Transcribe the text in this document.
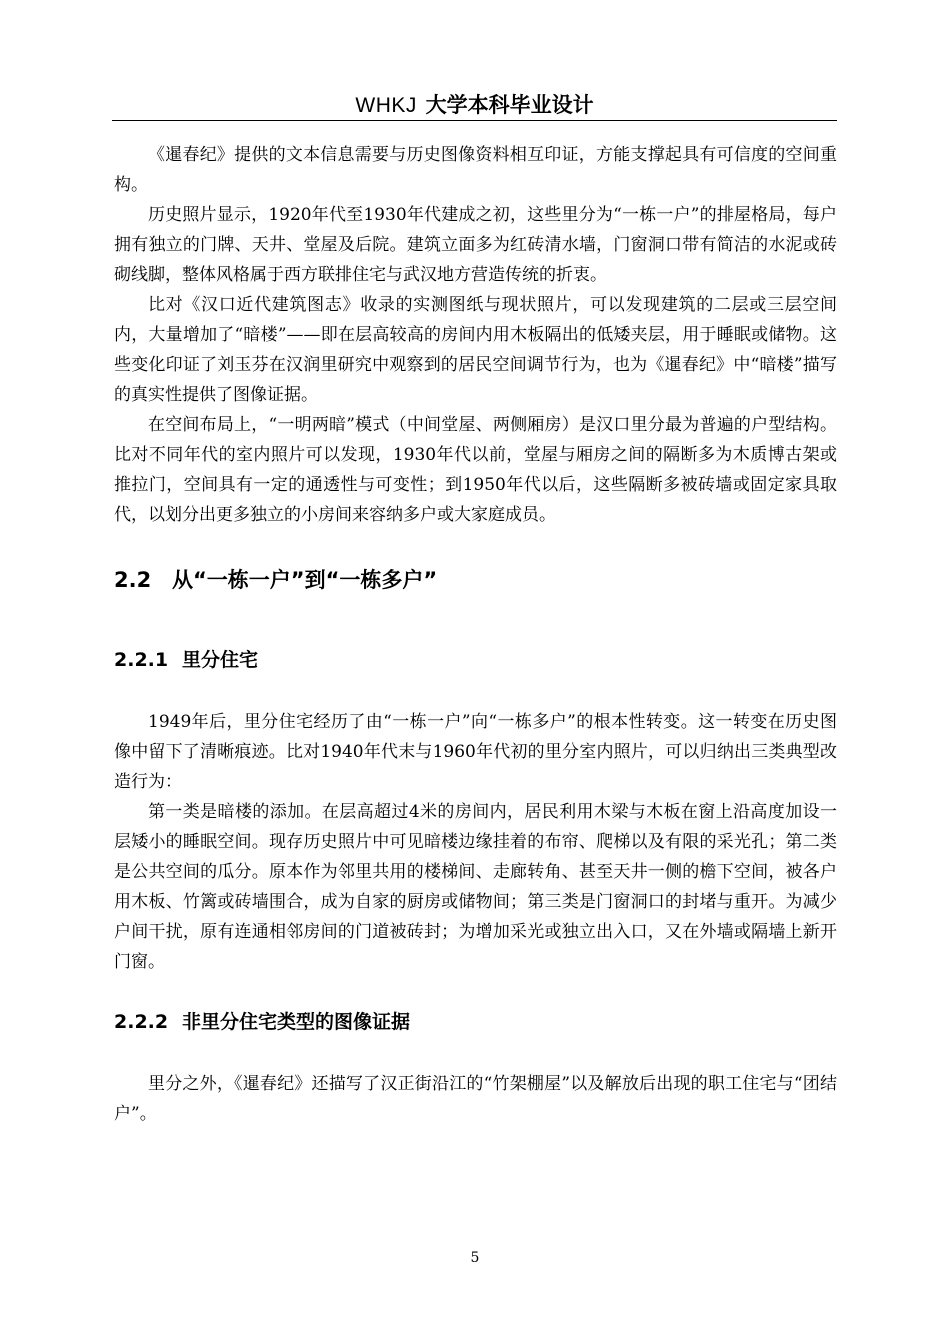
WHKJ 大学本科毕业设计

《暹春纪》提供的文本信息需要与历史图像资料相互印证，方能支撑起具有可信度的空间重构。

历史照片显示，1920年代至1930年代建成之初，这些里分为“一栋一户”的排屋格局，每户拥有独立的门牌、天井、堂屋及后院。建筑立面多为红砖清水墙，门窗洞口带有简洁的水泥或砖砌线脚，整体风格属于西方联排住宅与武汉地方营造传统的折衷。

比对《汉口近代建筑图志》收录的实测图纸与现状照片，可以发现建筑的二层或三层空间内，大量增加了“暗楼”——即在层高较高的房间内用木板隔出的低矮夹层，用于睡眠或储物。这些变化印证了刘玉芬在汉润里研究中观察到的居民空间调节行为，也为《暹春纪》中“暗楼”描写的真实性提供了图像证据。

在空间布局上，“一明两暗”模式（中间堂屋、两侧厢房）是汉口里分最为普遍的户型结构。比对不同年代的室内照片可以发现，1930年代以前，堂屋与厢房之间的隔断多为木质博古架或推拉门，空间具有一定的通透性与可变性；到1950年代以后，这些隔断多被砖墙或固定家具取代，以划分出更多独立的小房间来容纳多户或大家庭成员。

2.2 从“一栋一户”到“一栋多户”
2.2.1 里分住宅

1949年后，里分住宅经历了由“一栋一户”向“一栋多户”的根本性转变。这一转变在历史图像中留下了清晰痕迹。比对1940年代末与1960年代初的里分室内照片，可以归纳出三类典型改造行为：

第一类是暗楼的添加。在层高超过4米的房间内，居民利用木梁与木板在窗上沿高度加设一层矮小的睡眠空间。现存历史照片中可见暗楼边缘挂着的布帘、爬梯以及有限的采光孔；第二类是公共空间的瓜分。原本作为邻里共用的楼梯间、走廊转角、甚至天井一侧的檐下空间，被各户用木板、竹篱或砖墙围合，成为自家的厨房或储物间；第三类是门窗洞口的封堵与重开。为减少户间干扰，原有连通相邻房间的门道被砖封；为增加采光或独立出入口，又在外墙或隔墙上新开门窗。

2.2.2 非里分住宅类型的图像证据

里分之外，《暹春纪》还描写了汉正街沿江的“竹架棚屋”以及解放后出现的职工住宅与“团结户”。

5
